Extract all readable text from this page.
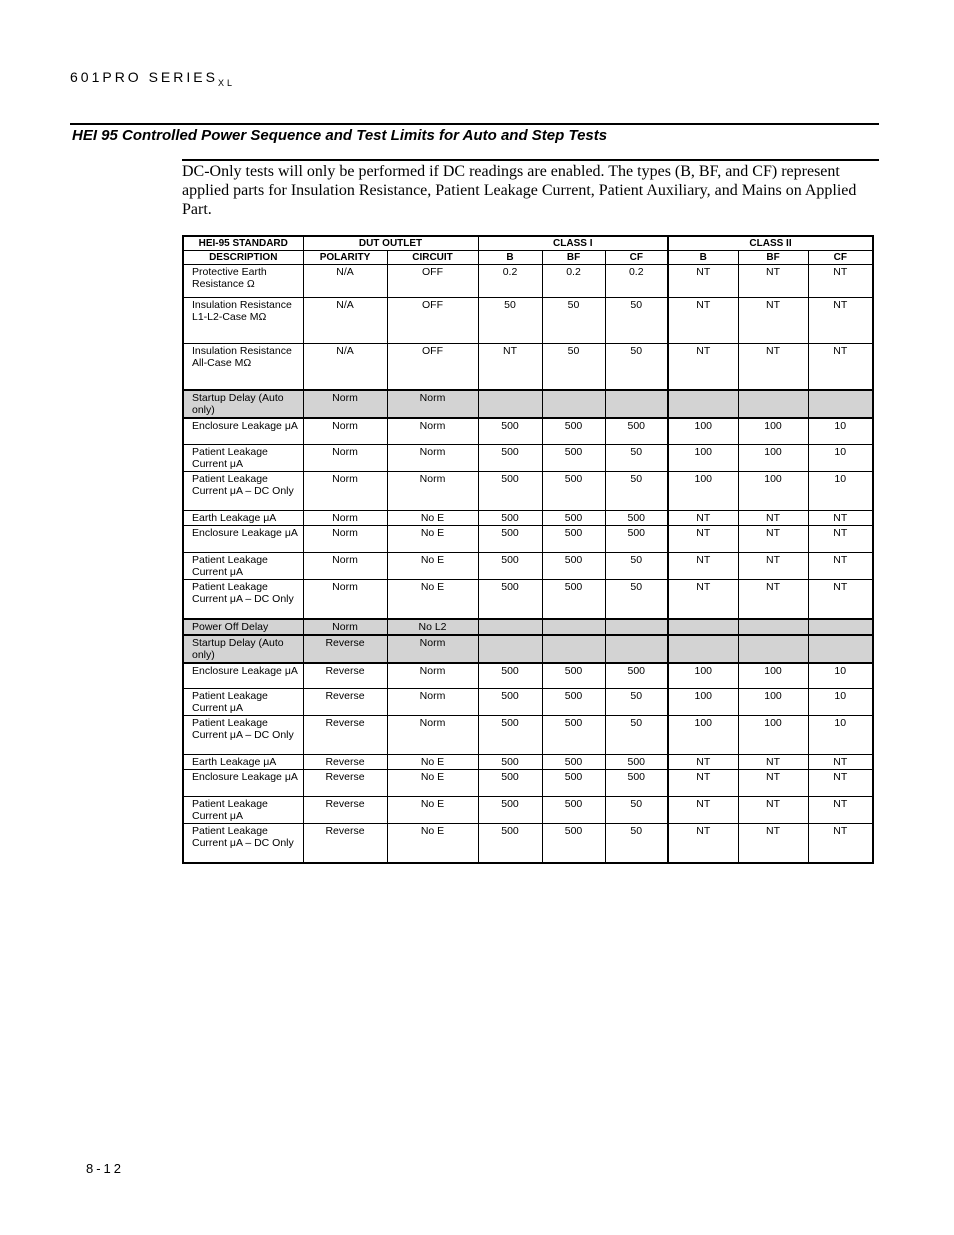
601PRO $SERIES_{XL}$
HEI 95 Controlled Power Sequence and Test Limits for Auto and Step Tests
DC-Only tests will only be performed if DC readings are enabled. The types (B, BF, and CF) represent applied parts for Insulation Resistance, Patient Leakage Current, Patient Auxiliary, and Mains on Applied Part.
HEI-95 STANDARD	DUT OUTLET		CLASS I			CLASS II		
DESCRIPTION	POLARITY	CIRCUIT	B	BF	CF	B	BF	CF
Protective Earth Resistance Ω	N/A	OFF	0.2	0.2	0.2	NT	NT	NT
Insulation Resistance L1-L2-Case MΩ	N/A	OFF	50	50	50	NT	NT	NT
Insulation Resistance All-Case MΩ	N/A	OFF	NT	50	50	NT	NT	NT
Startup Delay (Auto only)	Norm	Norm						
Enclosure Leakage μA	Norm	Norm	500	500	500	100	100	10
Patient Leakage Current μA	Norm	Norm	500	500	50	100	100	10
Patient Leakage Current μA – DC Only	Norm	Norm	500	500	50	100	100	10
Earth Leakage μA	Norm	No E	500	500	500	NT	NT	NT
Enclosure Leakage μA	Norm	No E	500	500	500	NT	NT	NT
Patient Leakage Current μA	Norm	No E	500	500	50	NT	NT	NT
Patient Leakage Current μA – DC Only	Norm	No E	500	500	50	NT	NT	NT
Power Off Delay	Norm	No L2						
Startup Delay (Auto only)	Reverse	Norm						
Enclosure Leakage μA	Reverse	Norm	500	500	500	100	100	10
Patient Leakage Current μA	Reverse	Norm	500	500	50	100	100	10
Patient Leakage Current μA – DC Only	Reverse	Norm	500	500	50	100	100	10
Earth Leakage μA	Reverse	No E	500	500	500	NT	NT	NT
Enclosure Leakage μA	Reverse	No E	500	500	500	NT	NT	NT
Patient Leakage Current μA	Reverse	No E	500	500	50	NT	NT	NT
Patient Leakage Current μA – DC Only	Reverse	No E	500	500	50	NT	NT	NT
8-12
